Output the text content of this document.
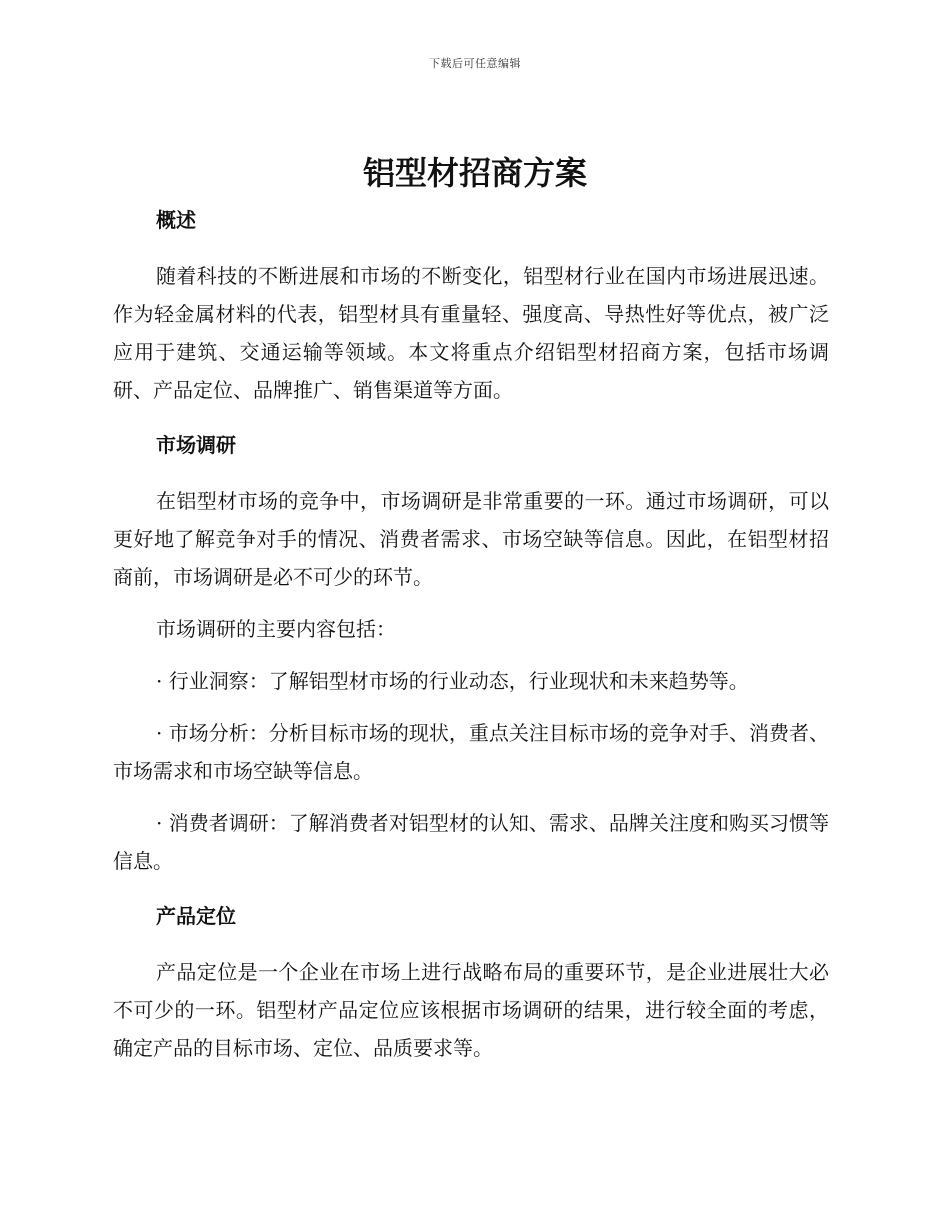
下载后可任意编辑
铝型材招商方案
概述

随着科技的不断进展和市场的不断变化，铝型材行业在国内市场进展迅速。作为轻金属材料的代表，铝型材具有重量轻、强度高、导热性好等优点，被广泛应用于建筑、交通运输等领域。本文将重点介绍铝型材招商方案，包括市场调研、产品定位、品牌推广、销售渠道等方面。

市场调研

在铝型材市场的竞争中，市场调研是非常重要的一环。通过市场调研，可以更好地了解竞争对手的情况、消费者需求、市场空缺等信息。因此，在铝型材招商前，市场调研是必不可少的环节。

市场调研的主要内容包括：

· 行业洞察：了解铝型材市场的行业动态，行业现状和未来趋势等。

· 市场分析：分析目标市场的现状，重点关注目标市场的竞争对手、消费者、市场需求和市场空缺等信息。

· 消费者调研：了解消费者对铝型材的认知、需求、品牌关注度和购买习惯等信息。

产品定位

产品定位是一个企业在市场上进行战略布局的重要环节，是企业进展壮大必不可少的一环。铝型材产品定位应该根据市场调研的结果，进行较全面的考虑，确定产品的目标市场、定位、品质要求等。
